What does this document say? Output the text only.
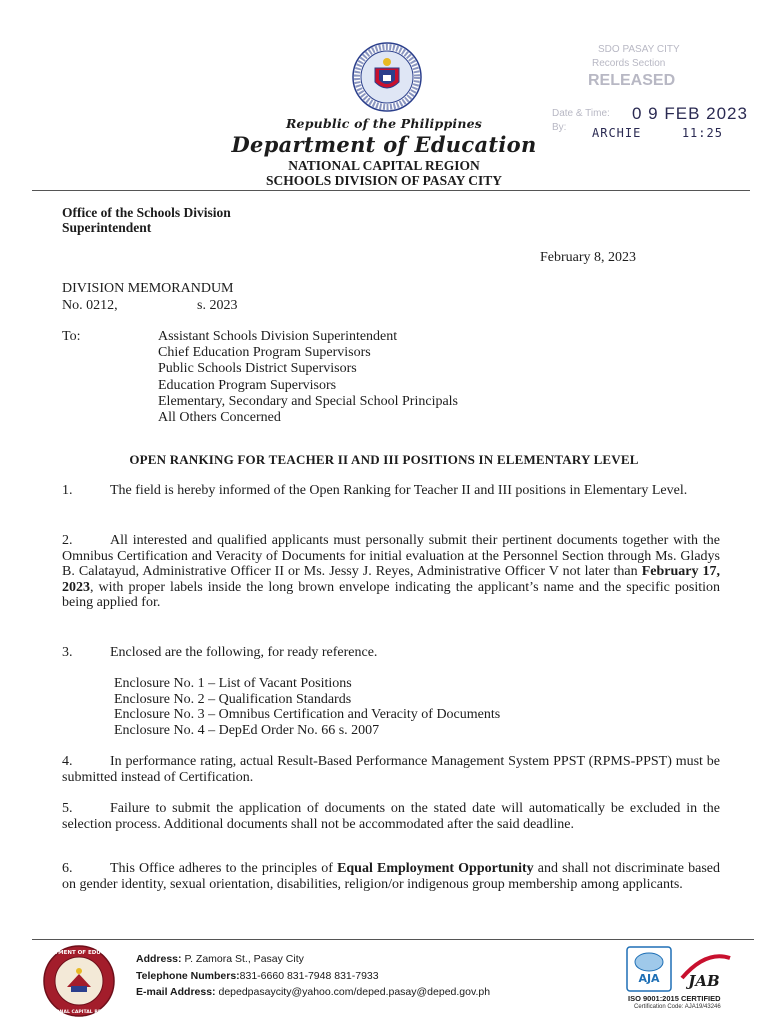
Republic of the Philippines
Department of Education
NATIONAL CAPITAL REGION
SCHOOLS DIVISION OF PASAY CITY
SDO PASAY CITY
Records Section
RELEASED
Date & Time:
By:
0 9 FEB 2023
ARCHIE	11:25
Office of the Schools Division
Superintendent
February 8, 2023
DIVISION MEMORANDUM
No. 0212,	s. 2023
To:	Assistant Schools Division Superintendent
Chief Education Program Supervisors
Public Schools District Supervisors
Education Program Supervisors
Elementary, Secondary and Special School Principals
All Others Concerned
OPEN RANKING FOR TEACHER II AND III POSITIONS IN ELEMENTARY LEVEL
1.	The field is hereby informed of the Open Ranking for Teacher II and III positions in Elementary Level.
2.	All interested and qualified applicants must personally submit their pertinent documents together with the Omnibus Certification and Veracity of Documents for initial evaluation at the Personnel Section through Ms. Gladys B. Calatayud, Administrative Officer II or Ms. Jessy J. Reyes, Administrative Officer V not later than February 17, 2023, with proper labels inside the long brown envelope indicating the applicant’s name and the specific position being applied for.
3.	Enclosed are the following, for ready reference.
Enclosure No. 1 – List of Vacant Positions
Enclosure No. 2 – Qualification Standards
Enclosure No. 3 – Omnibus Certification and Veracity of Documents
Enclosure No. 4 – DepEd Order No. 66 s. 2007
4.	In performance rating, actual Result-Based Performance Management System PPST (RPMS-PPST) must be submitted instead of Certification.
5.	Failure to submit the application of documents on the stated date will automatically be excluded in the selection process. Additional documents shall not be accommodated after the said deadline.
6.	This Office adheres to the principles of Equal Employment Opportunity and shall not discriminate based on gender identity, sexual orientation, disabilities, religion/or indigenous group membership among applicants.
DEPARTMENT OF EDUCATION
NATIONAL CAPITAL REGION
Address: P. Zamora St., Pasay City
Telephone Numbers:831-6660 831-7948 831-7933
E-mail Address: depedpasaycity@yahoo.com/deped.pasay@deped.gov.ph
AJA JAB
ISO 9001:2015 CERTIFIED
Certification Code: AJA19/43246
